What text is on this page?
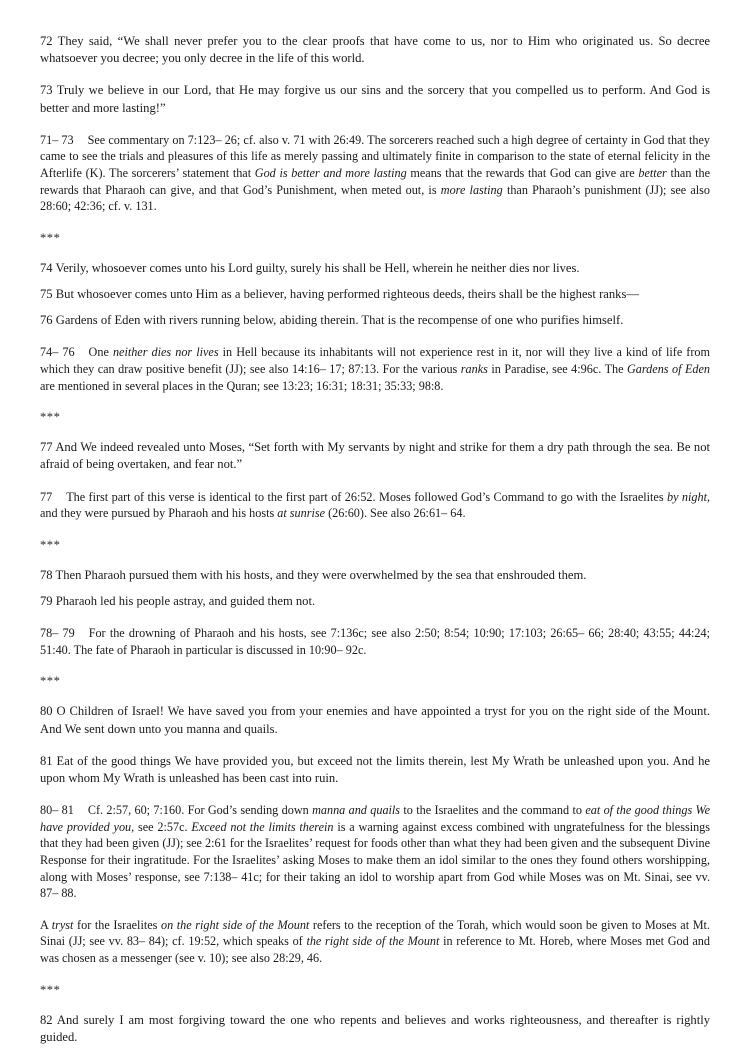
72 They said, “We shall never prefer you to the clear proofs that have come to us, nor to Him who originated us. So decree whatsoever you decree; you only decree in the life of this world.

73 Truly we believe in our Lord, that He may forgive us our sins and the sorcery that you compelled us to perform. And God is better and more lasting!”

71– 73 See commentary on 7:123– 26; cf. also v. 71 with 26:49. The sorcerers reached such a high degree of certainty in God that they came to see the trials and pleasures of this life as merely passing and ultimately finite in comparison to the state of eternal felicity in the Afterlife (K). The sorcerers’ statement that God is better and more lasting means that the rewards that God can give are better than the rewards that Pharaoh can give, and that God’s Punishment, when meted out, is more lasting than Pharaoh’s punishment (JJ); see also 28:60; 42:36; cf. v. 131.

***

74 Verily, whosoever comes unto his Lord guilty, surely his shall be Hell, wherein he neither dies nor lives.

75 But whosoever comes unto Him as a believer, having performed righteous deeds, theirs shall be the highest ranks—

76 Gardens of Eden with rivers running below, abiding therein. That is the recompense of one who purifies himself.

74– 76 One neither dies nor lives in Hell because its inhabitants will not experience rest in it, nor will they live a kind of life from which they can draw positive benefit (JJ); see also 14:16– 17; 87:13. For the various ranks in Paradise, see 4:96c. The Gardens of Eden are mentioned in several places in the Quran; see 13:23; 16:31; 18:31; 35:33; 98:8.

***

77 And We indeed revealed unto Moses, “Set forth with My servants by night and strike for them a dry path through the sea. Be not afraid of being overtaken, and fear not.”

77 The first part of this verse is identical to the first part of 26:52. Moses followed God’s Command to go with the Israelites by night, and they were pursued by Pharaoh and his hosts at sunrise (26:60). See also 26:61– 64.

***

78 Then Pharaoh pursued them with his hosts, and they were overwhelmed by the sea that enshrouded them.

79 Pharaoh led his people astray, and guided them not.

78– 79 For the drowning of Pharaoh and his hosts, see 7:136c; see also 2:50; 8:54; 10:90; 17:103; 26:65– 66; 28:40; 43:55; 44:24; 51:40. The fate of Pharaoh in particular is discussed in 10:90– 92c.

***

80 O Children of Israel! We have saved you from your enemies and have appointed a tryst for you on the right side of the Mount. And We sent down unto you manna and quails.

81 Eat of the good things We have provided you, but exceed not the limits therein, lest My Wrath be unleashed upon you. And he upon whom My Wrath is unleashed has been cast into ruin.

80– 81 Cf. 2:57, 60; 7:160. For God’s sending down manna and quails to the Israelites and the command to eat of the good things We have provided you, see 2:57c. Exceed not the limits therein is a warning against excess combined with ungratefulness for the blessings that they had been given (JJ); see 2:61 for the Israelites’ request for foods other than what they had been given and the subsequent Divine Response for their ingratitude. For the Israelites’ asking Moses to make them an idol similar to the ones they found others worshipping, along with Moses’ response, see 7:138– 41c; for their taking an idol to worship apart from God while Moses was on Mt. Sinai, see vv. 87– 88.

A tryst for the Israelites on the right side of the Mount refers to the reception of the Torah, which would soon be given to Moses at Mt. Sinai (JJ; see vv. 83– 84); cf. 19:52, which speaks of the right side of the Mount in reference to Mt. Horeb, where Moses met God and was chosen as a messenger (see v. 10); see also 28:29, 46.

***

82 And surely I am most forgiving toward the one who repents and believes and works righteousness, and thereafter is rightly guided.
